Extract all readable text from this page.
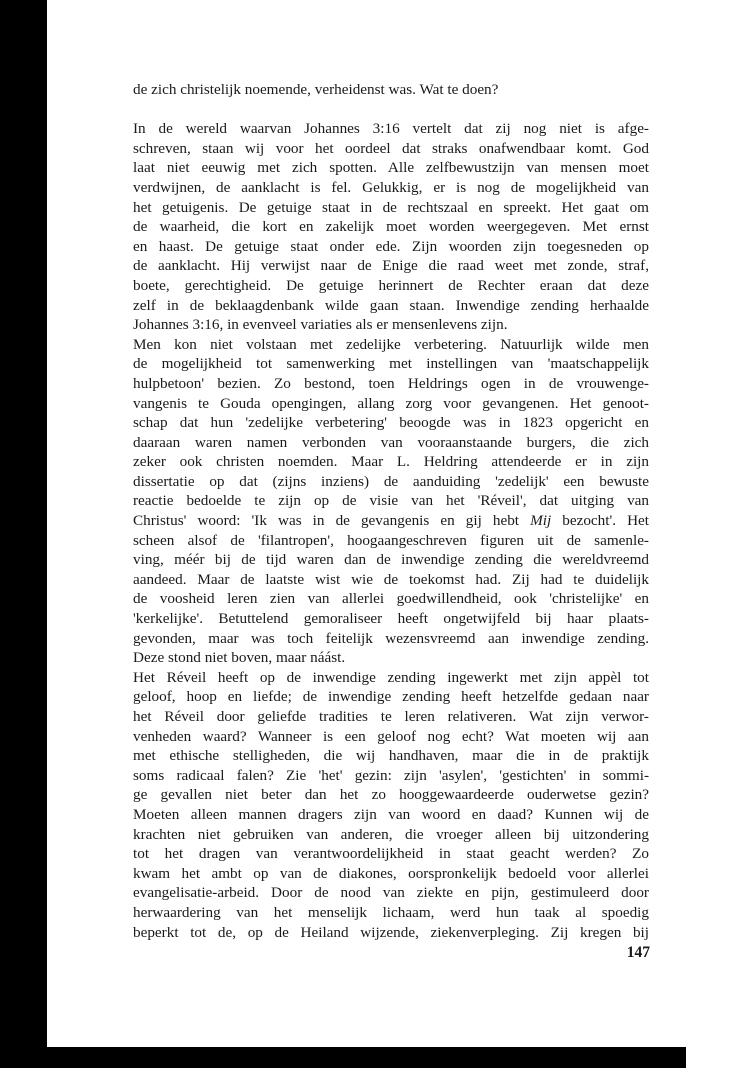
de zich christelijk noemende, verheidenst was. Wat te doen?
In de wereld waarvan Johannes 3:16 vertelt dat zij nog niet is afge-
schreven, staan wij voor het oordeel dat straks onafwendbaar komt. God
laat niet eeuwig met zich spotten. Alle zelfbewustzijn van mensen moet
verdwijnen, de aanklacht is fel. Gelukkig, er is nog de mogelijkheid van
het getuigenis. De getuige staat in de rechtszaal en spreekt. Het gaat om
de waarheid, die kort en zakelijk moet worden weergegeven. Met ernst
en haast. De getuige staat onder ede. Zijn woorden zijn toegesneden op
de aanklacht. Hij verwijst naar de Enige die raad weet met zonde, straf,
boete, gerechtigheid. De getuige herinnert de Rechter eraan dat deze
zelf in de beklaagdenbank wilde gaan staan. Inwendige zending herhaalde
Johannes 3:16, in evenveel variaties als er mensenlevens zijn.
Men kon niet volstaan met zedelijke verbetering. Natuurlijk wilde men
de mogelijkheid tot samenwerking met instellingen van 'maatschappelijk
hulpbetoon' bezien. Zo bestond, toen Heldrings ogen in de vrouwenge-
vangenis te Gouda opengingen, allang zorg voor gevangenen. Het genoot-
schap dat hun 'zedelijke verbetering' beoogde was in 1823 opgericht en
daaraan waren namen verbonden van vooraanstaande burgers, die zich
zeker ook christen noemden. Maar L. Heldring attendeerde er in zijn
dissertatie op dat (zijns inziens) de aanduiding 'zedelijk' een bewuste
reactie bedoelde te zijn op de visie van het 'Réveil', dat uitging van
Christus' woord: 'Ik was in de gevangenis en gij hebt Mij bezocht'. Het
scheen alsof de 'filantropen', hoogaangeschreven figuren uit de samenle-
ving, méér bij de tijd waren dan de inwendige zending die wereldvreemd
aandeed. Maar de laatste wist wie de toekomst had. Zij had te duidelijk
de voosheid leren zien van allerlei goedwillendheid, ook 'christelijke' en
'kerkelijke'. Betuttelend gemoraliseer heeft ongetwijfeld bij haar plaats-
gevonden, maar was toch feitelijk wezensvreemd aan inwendige zending.
Deze stond niet boven, maar náást.
Het Réveil heeft op de inwendige zending ingewerkt met zijn appèl tot
geloof, hoop en liefde; de inwendige zending heeft hetzelfde gedaan naar
het Réveil door geliefde tradities te leren relativeren. Wat zijn verwor-
venheden waard? Wanneer is een geloof nog echt? Wat moeten wij aan
met ethische stelligheden, die wij handhaven, maar die in de praktijk
soms radicaal falen? Zie 'het' gezin: zijn 'asylen', 'gestichten' in sommi-
ge gevallen niet beter dan het zo hooggewaardeerde ouderwetse gezin?
Moeten alleen mannen dragers zijn van woord en daad? Kunnen wij de
krachten niet gebruiken van anderen, die vroeger alleen bij uitzondering
tot het dragen van verantwoordelijkheid in staat geacht werden? Zo
kwam het ambt op van de diakones, oorspronkelijk bedoeld voor allerlei
evangelisatie-arbeid. Door de nood van ziekte en pijn, gestimuleerd door
herwaardering van het menselijk lichaam, werd hun taak al spoedig
beperkt tot de, op de Heiland wijzende, ziekenverpleging. Zij kregen bij
147
